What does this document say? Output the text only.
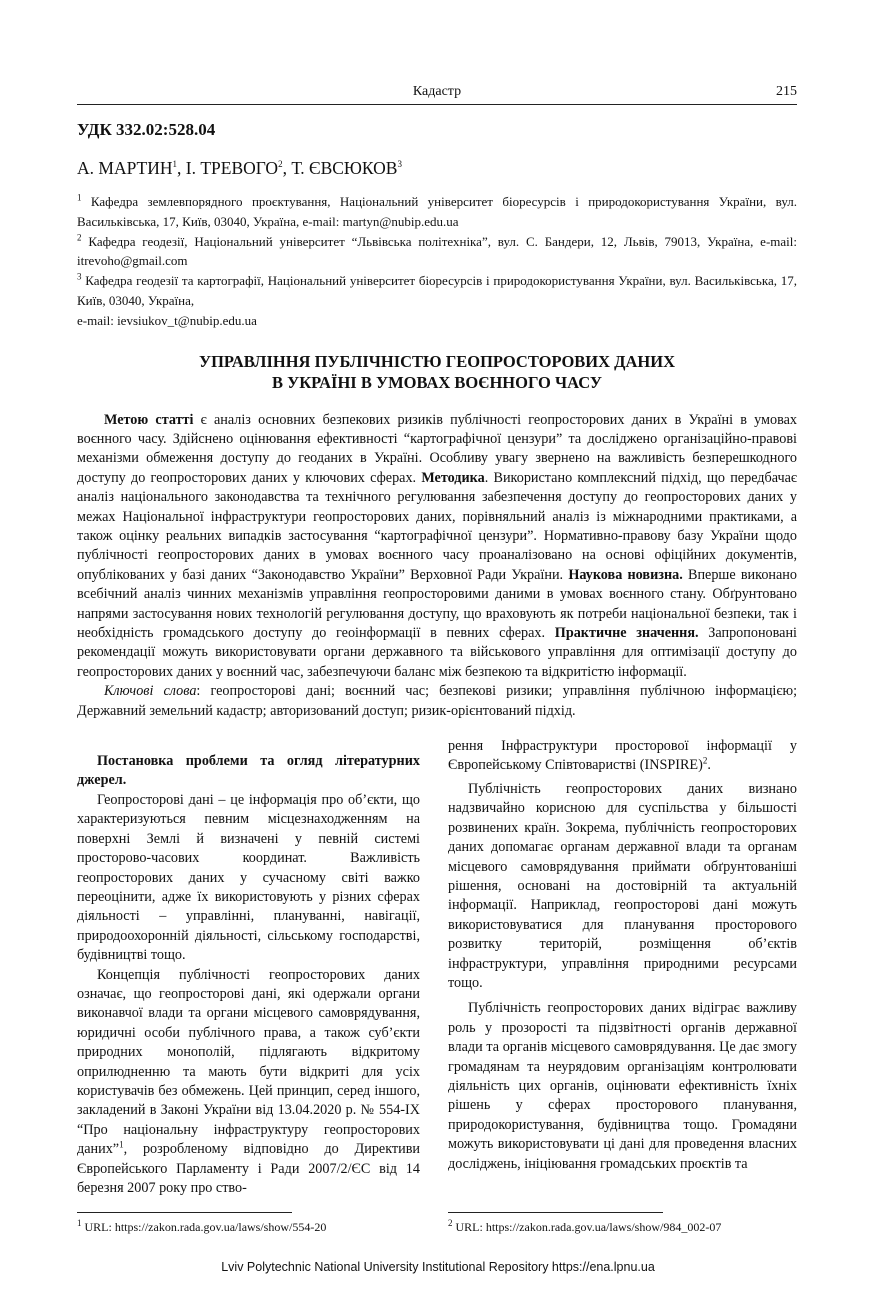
Кадастр	215
УДК 332.02:528.04
А. МАРТИН$^1$, І. ТРЕВОГО$^2$, Т. ЄВСЮКОВ$^3$

$^1$ Кафедра землевпорядного проєктування, Національний університет біоресурсів і природокористування України, вул. Васильківська, 17, Київ, 03040, Україна, e-mail: martyn@nubip.edu.ua

$^2$ Кафедра геодезії, Національний університет “Львівська політехніка”, вул. С. Бандери, 12, Львів, 79013, Україна, e-mail: itrevoho@gmail.com

$^3$ Кафедра геодезії та картографії, Національний університет біоресурсів і природокористування України, вул. Васильківська, 17, Київ, 03040, Україна,
e-mail: ievsiukov_t@nubip.edu.ua

УПРАВЛІННЯ ПУБЛІЧНІСТЮ ГЕОПРОСТОРОВИХ ДАНИХ
В УКРАЇНІ В УМОВАХ ВОЄННОГО ЧАСУ

Метою статті є аналіз основних безпекових ризиків публічності геопросторових даних в Україні в умовах воєнного часу. Здійснено оцінювання ефективності “картографічної цензури” та досліджено організаційно-правові механізми обмеження доступу до геоданих в Україні. Особливу увагу звернено на важливість безперешкодного доступу до геопросторових даних у ключових сферах. Методика. Використано комплексний підхід, що передбачає аналіз національного законодавства та технічного регулювання забезпечення доступу до геопросторових даних у межах Національної інфраструктури геопросторових даних, порівняльний аналіз із міжнародними практиками, а також оцінку реальних випадків застосування “картографічної цензури”. Нормативно-правову базу України щодо публічності геопросторових даних в умовах воєнного часу проаналізовано на основі офіційних документів, опублікованих у базі даних “Законодавство України” Верховної Ради України. Наукова новизна. Вперше виконано всебічний аналіз чинних механізмів управління геопросторовими даними в умовах воєнного стану. Обґрунтовано напрями застосування нових технологій регулювання доступу, що враховують як потреби національної безпеки, так і необхідність громадського доступу до геоінформації в певних сферах. Практичне значення. Запропоновані рекомендації можуть використовувати органи державного та військового управління для оптимізації доступу до геопросторових даних у воєнний час, забезпечуючи баланс між безпекою та відкритістю інформації.

Ключові слова: геопросторові дані; воєнний час; безпекові ризики; управління публічною інформацією; Державний земельний кадастр; авторизований доступ; ризик-орієнтований підхід.

Постановка проблеми та огляд літературних джерел.

Геопросторові дані – це інформація про об’єкти, що характеризуються певним місцезнаходженням на поверхні Землі й визначені у певній системі просторово-часових координат. Важливість геопросторових даних у сучасному світі важко переоцінити, адже їх використовують у різних сферах діяльності – управлінні, плануванні, навігації, природоохоронній діяльності, сільському господарстві, будівництві тощо.

Концепція публічності геопросторових даних означає, що геопросторові дані, які одержали органи виконавчої влади та органи місцевого самоврядування, юридичні особи публічного права, а також суб’єкти природних монополій, підлягають відкритому оприлюдненню та мають бути відкриті для усіх користувачів без обмежень. Цей принцип, серед іншого, закладений в Законі України від 13.04.2020 р. № 554-IX “Про національну інфраструктуру геопросторових даних”$^1$, розробленому відповідно до Директиви Європейського Парламенту і Ради 2007/2/ЄС від 14 березня 2007 року про ство-

$^1$ URL: https://zakon.rada.gov.ua/laws/show/554-20

рення Інфраструктури просторової інформації у Європейському Співтоваристві (INSPIRE)$^2$.

Публічність геопросторових даних визнано надзвичайно корисною для суспільства у більшості розвинених країн. Зокрема, публічність геопросторових даних допомагає органам державної влади та органам місцевого самоврядування приймати обґрунтованіші рішення, основані на достовірній та актуальній інформації. Наприклад, геопросторові дані можуть використовуватися для планування просторового розвитку територій, розміщення об’єктів інфраструктури, управління природними ресурсами тощо.

Публічність геопросторових даних відіграє важливу роль у прозорості та підзвітності органів державної влади та органів місцевого самоврядування. Це дає змогу громадянам та неурядовим організаціям контролювати діяльність цих органів, оцінювати ефективність їхніх рішень у сферах просторового планування, природокористування, будівництва тощо. Громадяни можуть використовувати ці дані для проведення власних досліджень, ініціювання громадських проєктів та

$^2$ URL: https://zakon.rada.gov.ua/laws/show/984_002-07
Lviv Polytechnic National University Institutional Repository https://ena.lpnu.ua
